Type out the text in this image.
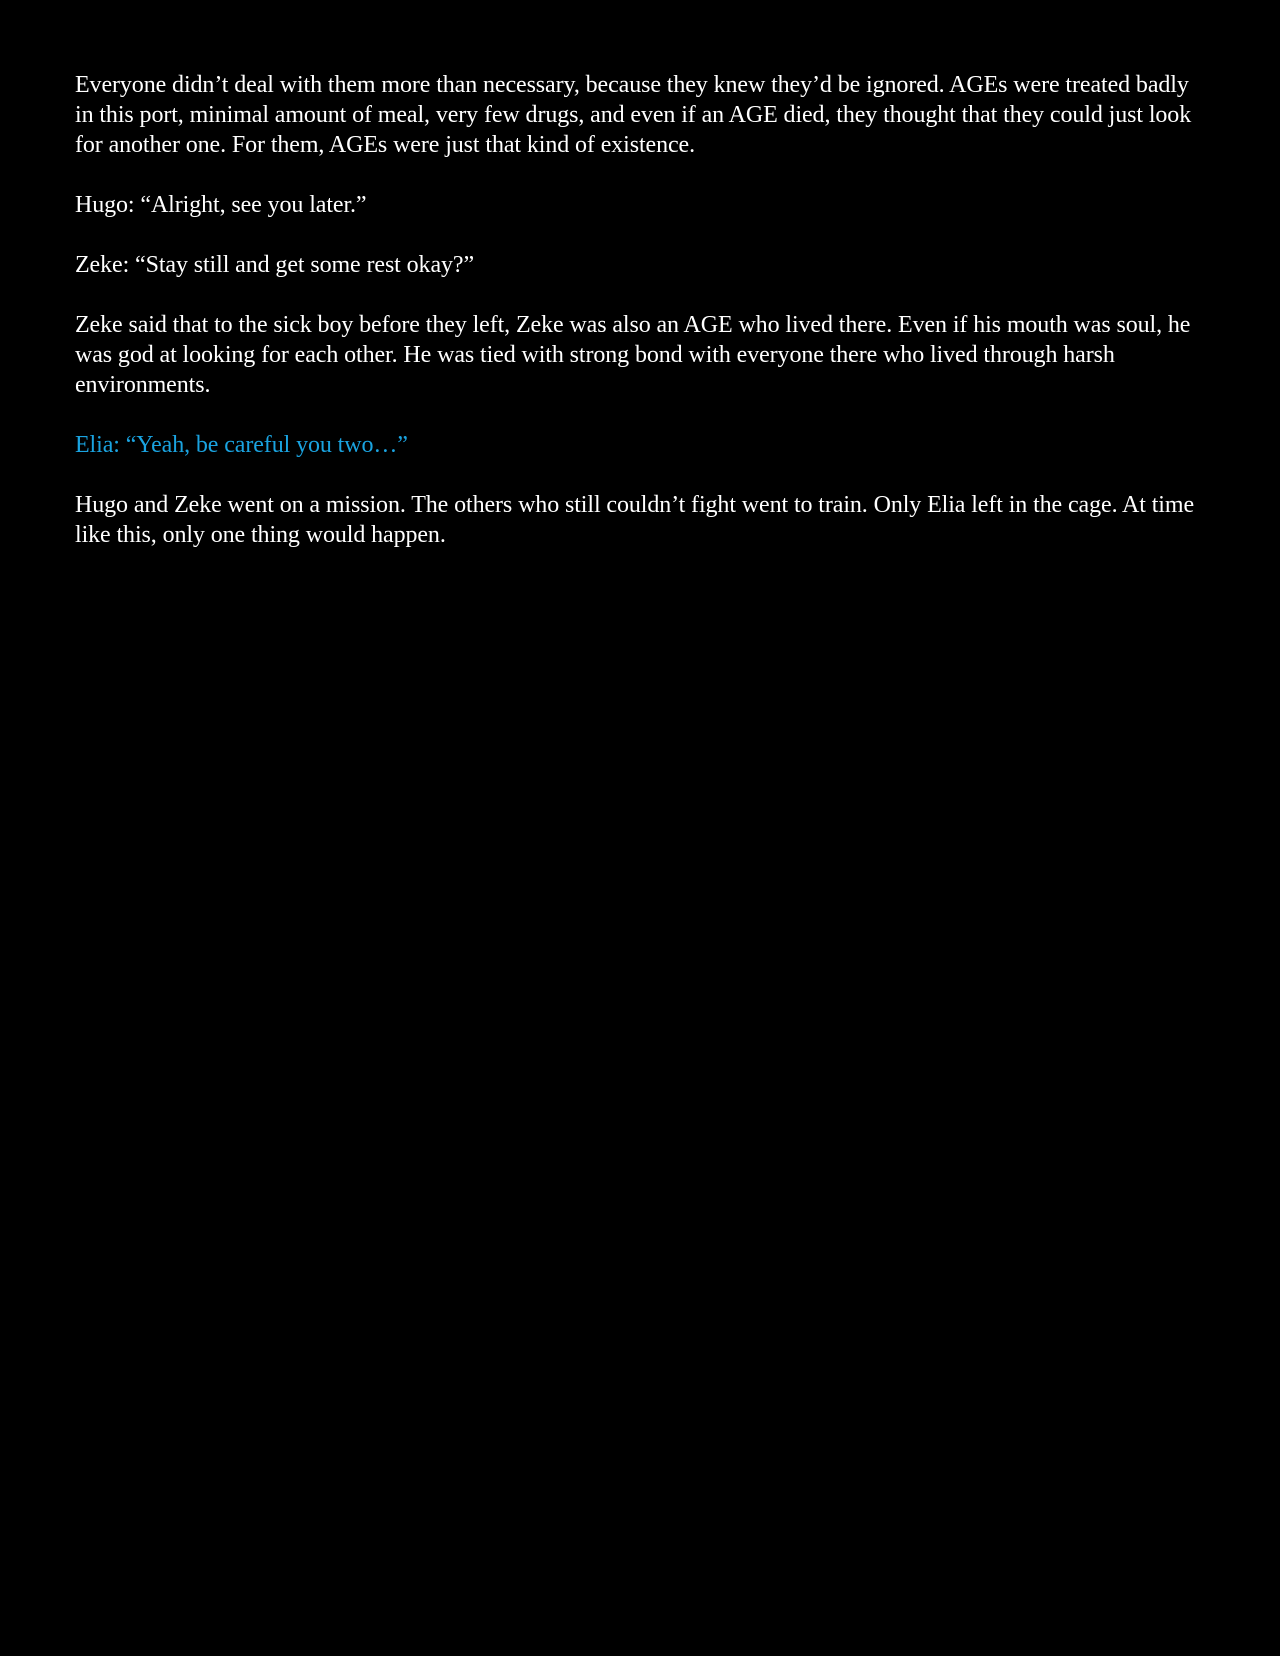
Everyone didn’t deal with them more than necessary, because they knew they’d be ignored. AGEs were treated badly in this port, minimal amount of meal, very few drugs, and even if an AGE died, they thought that they could just look for another one. For them, AGEs were just that kind of existence.

Hugo: “Alright, see you later.”

Zeke: “Stay still and get some rest okay?”

Zeke said that to the sick boy before they left, Zeke was also an AGE who lived there. Even if his mouth was soul, he was god at looking for each other. He was tied with strong bond with everyone there who lived through harsh environments.

Elia: “Yeah, be careful you two…”

Hugo and Zeke went on a mission. The others who still couldn’t fight went to train. Only Elia left in the cage. At time like this, only one thing would happen.
